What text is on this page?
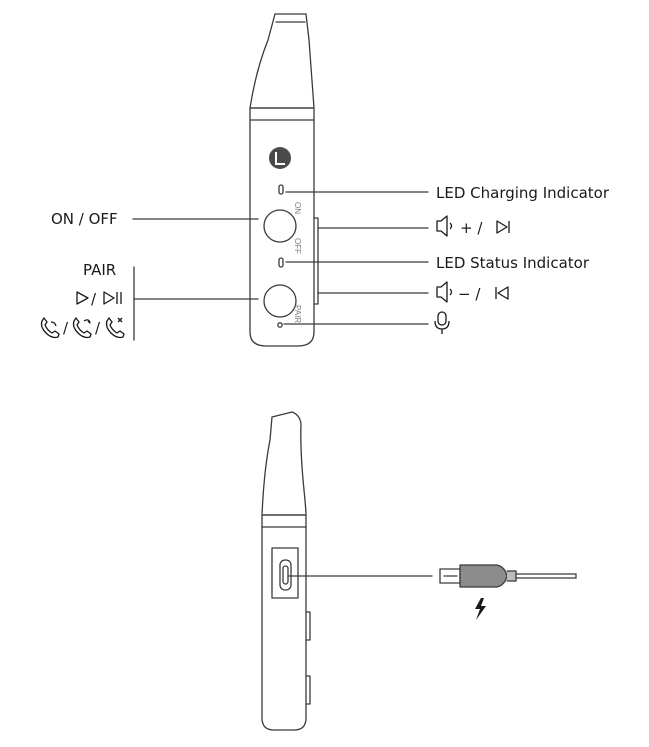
ON
OFF
PAIR
LED Charging Indicator
+ /
LED Status Indicator
− /
ON / OFF
PAIR
/
/ /
